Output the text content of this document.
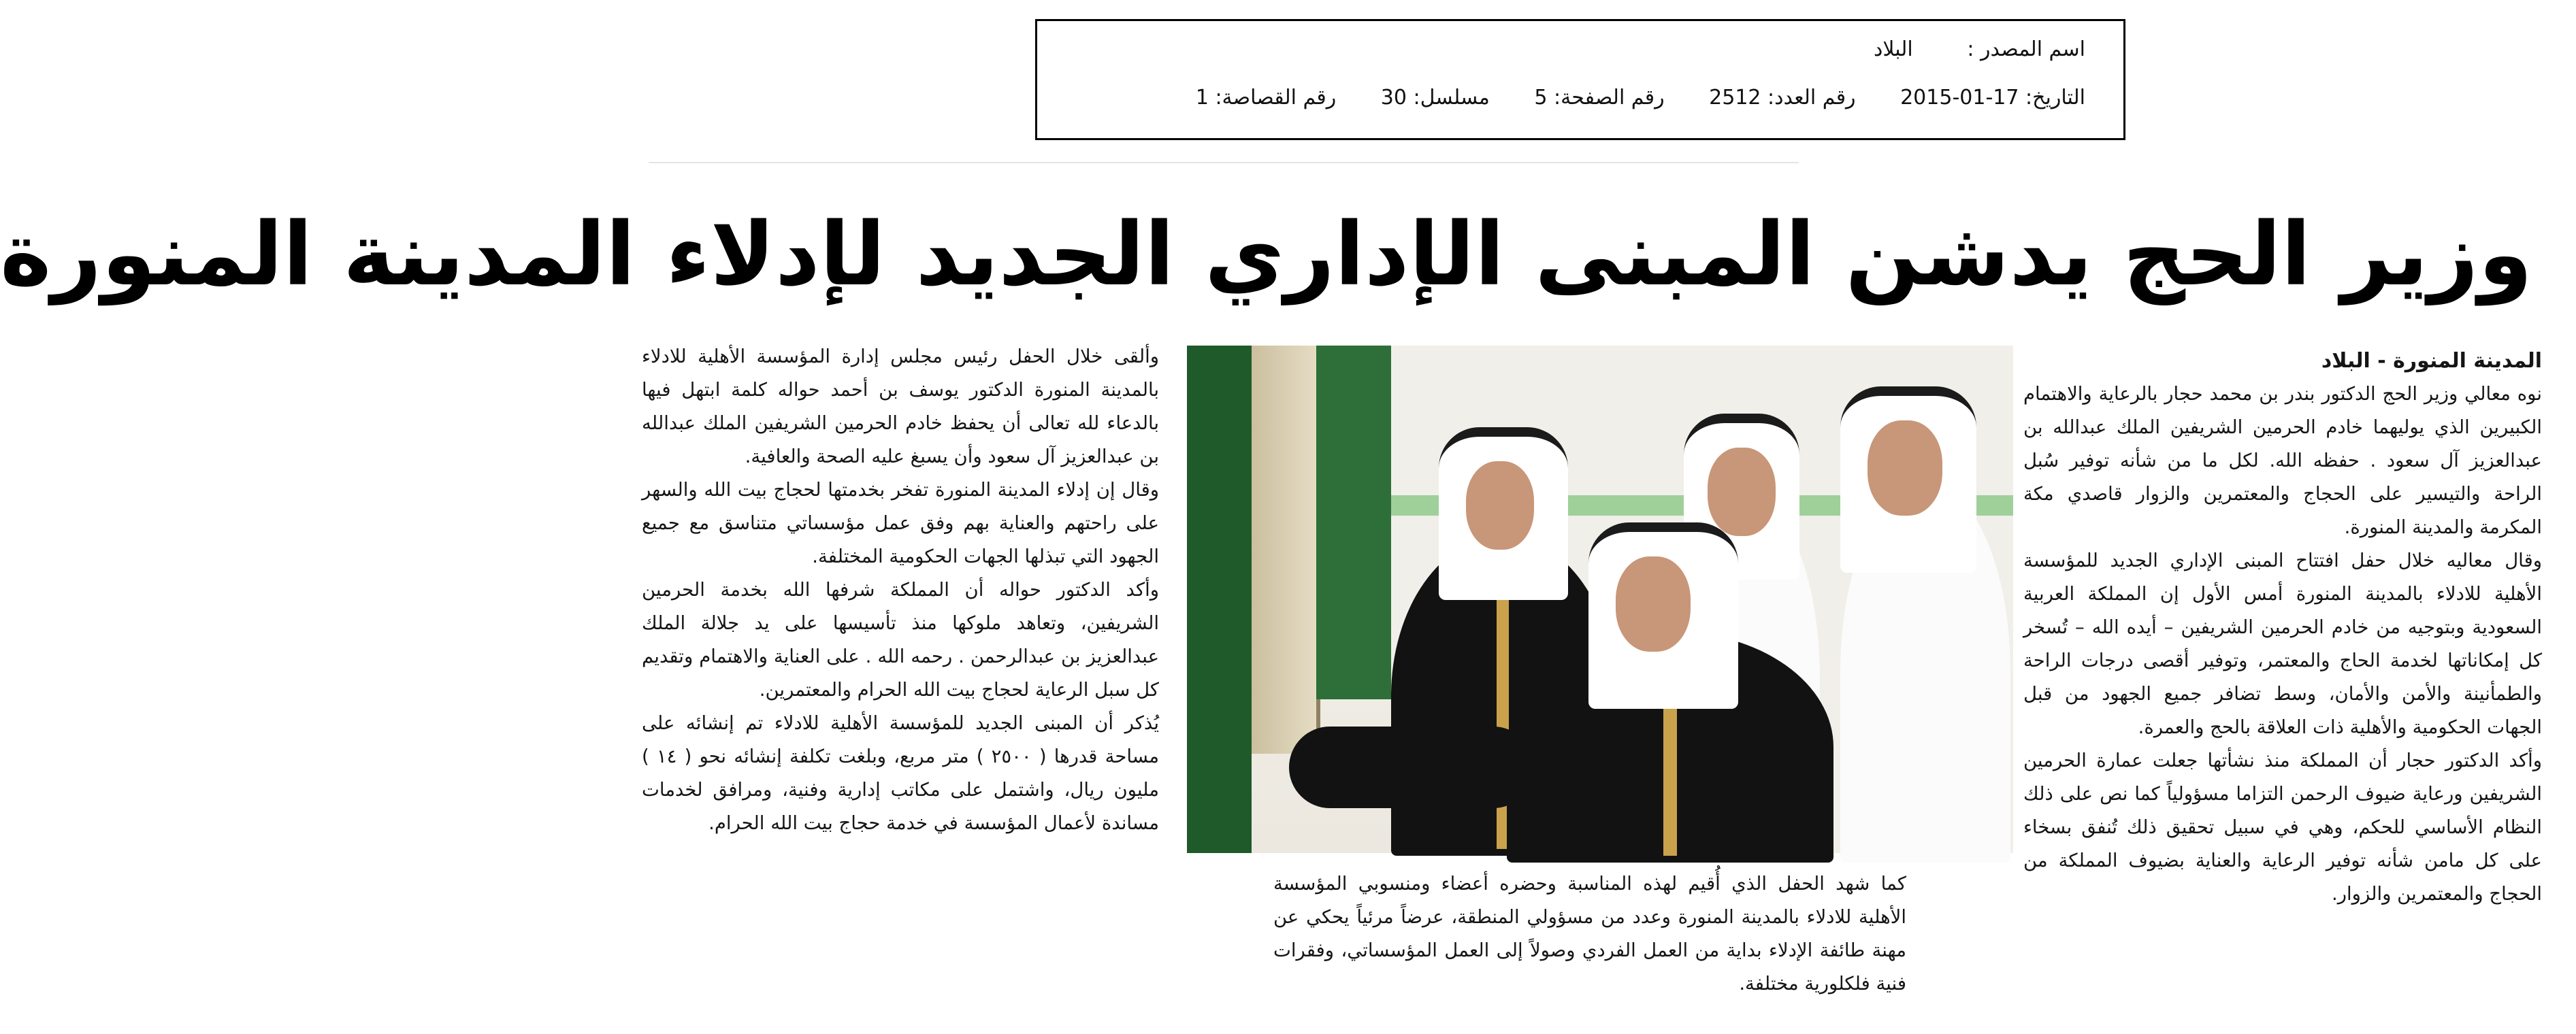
اسم المصدر : البلاد
التاريخ: 17-01-2015 رقم العدد: 2512 رقم الصفحة: 5 مسلسل: 30 رقم القصاصة: 1
وزير الحج يدشن المبنى الإداري الجديد لإدلاء المدينة المنورة

المدينة المنورة - البلاد

نوه معالي وزير الحج الدكتور بندر بن محمد حجار بالرعاية والاهتمام الكبيرين الذي يوليهما خادم الحرمين الشريفين الملك عبدالله بن عبدالعزيز آل سعود . حفظه الله. لكل ما من شأنه توفير سُبل الراحة والتيسير على الحجاج والمعتمرين والزوار قاصدي مكة المكرمة والمدينة المنورة.

وقال معاليه خلال حفل افتتاح المبنى الإداري الجديد للمؤسسة الأهلية للادلاء بالمدينة المنورة أمس الأول إن المملكة العربية السعودية وبتوجيه من خادم الحرمين الشريفين – أيده الله – تُسخر كل إمكاناتها لخدمة الحاج والمعتمر، وتوفير أقصى درجات الراحة والطمأنينة والأمن والأمان، وسط تضافر جميع الجهود من قبل الجهات الحكومية والأهلية ذات العلاقة بالحج والعمرة.

وأكد الدكتور حجار أن المملكة منذ نشأتها جعلت عمارة الحرمين الشريفين ورعاية ضيوف الرحمن التزاما مسؤولياً كما نص على ذلك النظام الأساسي للحكم، وهي في سبيل تحقيق ذلك تُنفق بسخاء على كل مامن شأنه توفير الرعاية والعناية بضيوف المملكة من الحجاج والمعتمرين والزوار.

كما شهد الحفل الذي أُقيم لهذه المناسبة وحضره أعضاء ومنسوبي المؤسسة الأهلية للادلاء بالمدينة المنورة وعدد من مسؤولي المنطقة، عرضاً مرئياً يحكي عن مهنة طائفة الإدلاء بداية من العمل الفردي وصولاً إلى العمل المؤسساتي، وفقرات فنية فلكلورية مختلفة.

وألقى خلال الحفل رئيس مجلس إدارة المؤسسة الأهلية للادلاء بالمدينة المنورة الدكتور يوسف بن أحمد حواله كلمة ابتهل فيها بالدعاء لله تعالى أن يحفظ خادم الحرمين الشريفين الملك عبدالله بن عبدالعزيز آل سعود وأن يسبغ عليه الصحة والعافية.

وقال إن إدلاء المدينة المنورة تفخر بخدمتها لحجاج بيت الله والسهر على راحتهم والعناية بهم وفق عمل مؤسساتي متناسق مع جميع الجهود التي تبذلها الجهات الحكومية المختلفة.

وأكد الدكتور حواله أن المملكة شرفها الله بخدمة الحرمين الشريفين، وتعاهد ملوكها منذ تأسيسها على يد جلالة الملك عبدالعزيز بن عبدالرحمن . رحمه الله . على العناية والاهتمام وتقديم كل سبل الرعاية لحجاج بيت الله الحرام والمعتمرين.

يُذكر أن المبنى الجديد للمؤسسة الأهلية للادلاء تم إنشائه على مساحة قدرها ( ٢٥٠٠ ) متر مربع، وبلغت تكلفة إنشائه نحو ( ١٤ ) مليون ريال، واشتمل على مكاتب إدارية وفنية، ومرافق لخدمات مساندة لأعمال المؤسسة في خدمة حجاج بيت الله الحرام.
